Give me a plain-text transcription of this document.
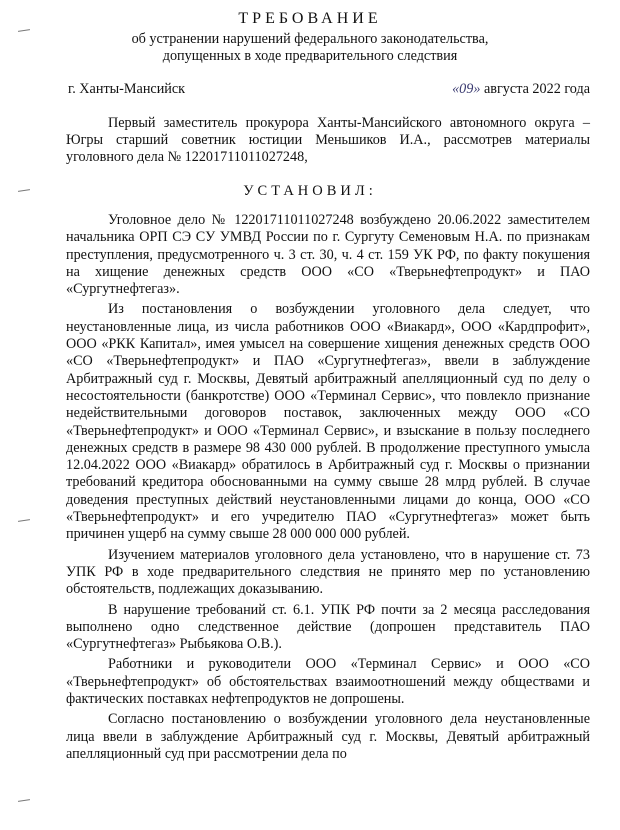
ТРЕБОВАНИЕ
об устранении нарушений федерального законодательства,
допущенных в ходе предварительного следствия
г. Ханты-Мансийск	«09» августа 2022 года

Первый заместитель прокурора Ханты-Мансийского автономного округа – Югры старший советник юстиции Меньшиков И.А., рассмотрев материалы уголовного дела № 12201711011027248,

УСТАНОВИЛ:

Уголовное дело № 12201711011027248 возбуждено 20.06.2022 заместителем начальника ОРП СЭ СУ УМВД России по г. Сургуту Семеновым Н.А. по признакам преступления, предусмотренного ч. 3 ст. 30, ч. 4 ст. 159 УК РФ, по факту покушения на хищение денежных средств ООО «СО «Тверьнефтепродукт» и ПАО «Сургутнефтегаз».

Из постановления о возбуждении уголовного дела следует, что неустановленные лица, из числа работников ООО «Виакард», ООО «Кардпрофит», ООО «РКК Капитал», имея умысел на совершение хищения денежных средств ООО «СО «Тверьнефтепродукт» и ПАО «Сургутнефтегаз», ввели в заблуждение Арбитражный суд г. Москвы, Девятый арбитражный апелляционный суд по делу о несостоятельности (банкротстве) ООО «Терминал Сервис», что повлекло признание недействительными договоров поставок, заключенных между ООО «СО «Тверьнефтепродукт» и ООО «Терминал Сервис», и взыскание в пользу последнего денежных средств в размере 98 430 000 рублей. В продолжение преступного умысла 12.04.2022 ООО «Виакард» обратилось в Арбитражный суд г. Москвы о признании требований кредитора обоснованными на сумму свыше 28 млрд рублей. В случае доведения преступных действий неустановленными лицами до конца, ООО «СО «Тверьнефтепродукт» и его учредителю ПАО «Сургутнефтегаз» может быть причинен ущерб на сумму свыше 28 000 000 000 рублей.

Изучением материалов уголовного дела установлено, что в нарушение ст. 73 УПК РФ в ходе предварительного следствия не принято мер по установлению обстоятельств, подлежащих доказыванию.

В нарушение требований ст. 6.1. УПК РФ почти за 2 месяца расследования выполнено одно следственное действие (допрошен представитель ПАО «Сургутнефтегаз» Рыбьякова О.В.).

Работники и руководители ООО «Терминал Сервис» и ООО «СО «Тверьнефтепродукт» об обстоятельствах взаимоотношений между обществами и фактических поставках нефтепродуктов не допрошены.

Согласно постановлению о возбуждении уголовного дела неустановленные лица ввели в заблуждение Арбитражный суд г. Москвы, Девятый арбитражный апелляционный суд при рассмотрении дела по
